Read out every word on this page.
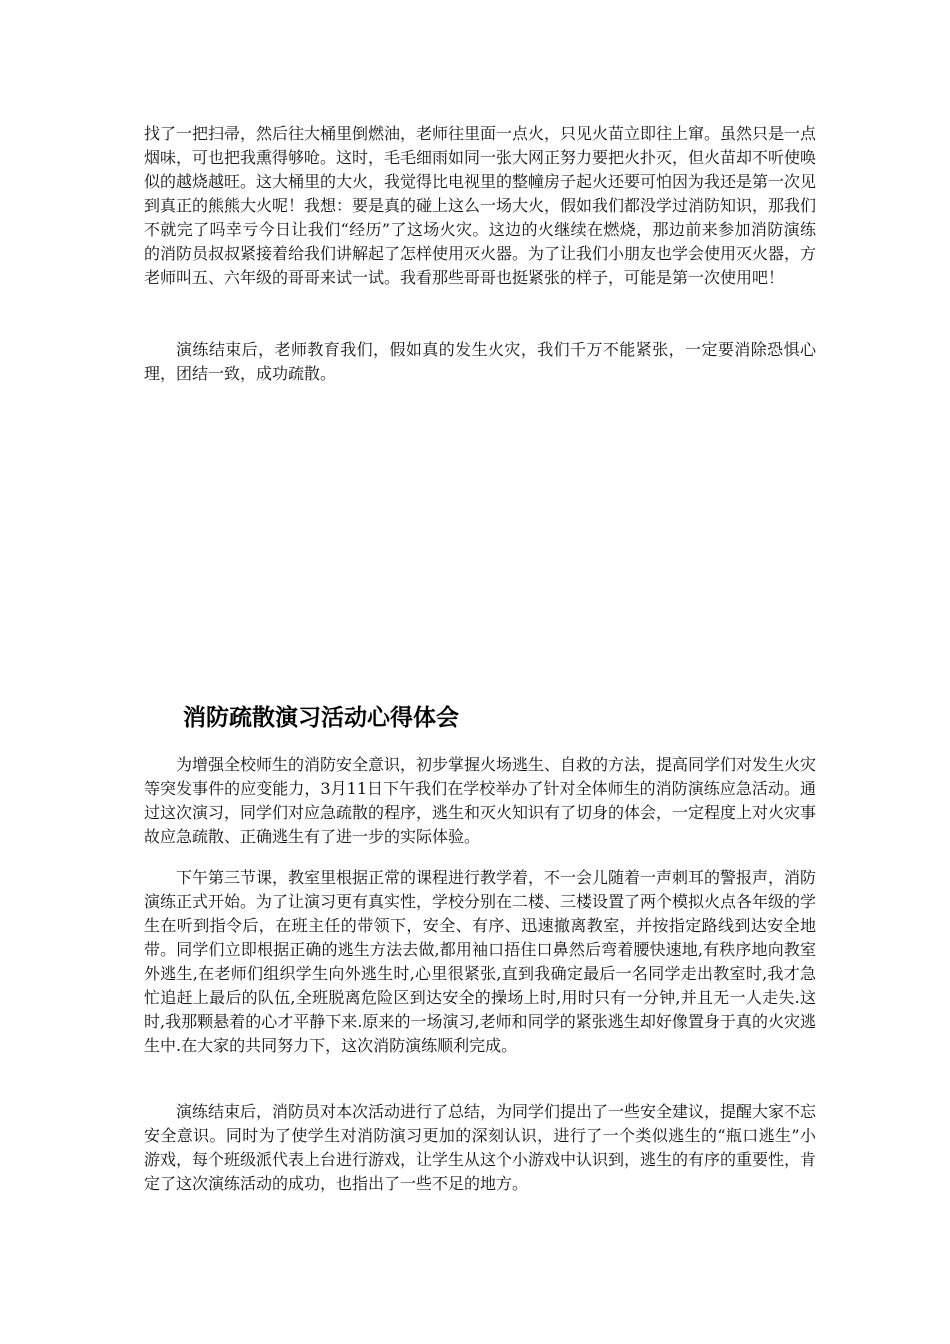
找了一把扫帚，然后往大桶里倒燃油，老师往里面一点火，只见火苗立即往上窜。虽然只是一点烟味，可也把我熏得够呛。这时，毛毛细雨如同一张大网正努力要把火扑灭，但火苗却不听使唤似的越烧越旺。这大桶里的大火，我觉得比电视里的整幢房子起火还要可怕因为我还是第一次见到真正的熊熊大火呢！我想：要是真的碰上这么一场大火，假如我们都没学过消防知识，那我们不就完了吗幸亏今日让我们“经历”了这场火灾。这边的火继续在燃烧，那边前来参加消防演练的消防员叔叔紧接着给我们讲解起了怎样使用灭火器。为了让我们小朋友也学会使用灭火器，方老师叫五、六年级的哥哥来试一试。我看那些哥哥也挺紧张的样子，可能是第一次使用吧！

演练结束后，老师教育我们，假如真的发生火灾，我们千万不能紧张，一定要消除恐惧心理，团结一致，成功疏散。

消防疏散演习活动心得体会

为增强全校师生的消防安全意识，初步掌握火场逃生、自救的方法，提高同学们对发生火灾等突发事件的应变能力，3月11日下午我们在学校举办了针对全体师生的消防演练应急活动。通过这次演习，同学们对应急疏散的程序，逃生和灭火知识有了切身的体会，一定程度上对火灾事故应急疏散、正确逃生有了进一步的实际体验。

下午第三节课，教室里根据正常的课程进行教学着，不一会儿随着一声刺耳的警报声，消防演练正式开始。为了让演习更有真实性，学校分别在二楼、三楼设置了两个模拟火点各年级的学生在听到指令后，在班主任的带领下，安全、有序、迅速撤离教室，并按指定路线到达安全地带。同学们立即根据正确的逃生方法去做,都用袖口捂住口鼻然后弯着腰快速地,有秩序地向教室外逃生,在老师们组织学生向外逃生时,心里很紧张,直到我确定最后一名同学走出教室时,我才急忙追赶上最后的队伍,全班脱离危险区到达安全的操场上时,用时只有一分钟,并且无一人走失.这时,我那颗悬着的心才平静下来.原来的一场演习,老师和同学的紧张逃生却好像置身于真的火灾逃生中.在大家的共同努力下，这次消防演练顺利完成。

演练结束后，消防员对本次活动进行了总结，为同学们提出了一些安全建议，提醒大家不忘安全意识。同时为了使学生对消防演习更加的深刻认识，进行了一个类似逃生的“瓶口逃生”小游戏，每个班级派代表上台进行游戏，让学生从这个小游戏中认识到，逃生的有序的重要性，肯定了这次演练活动的成功，也指出了一些不足的地方。
